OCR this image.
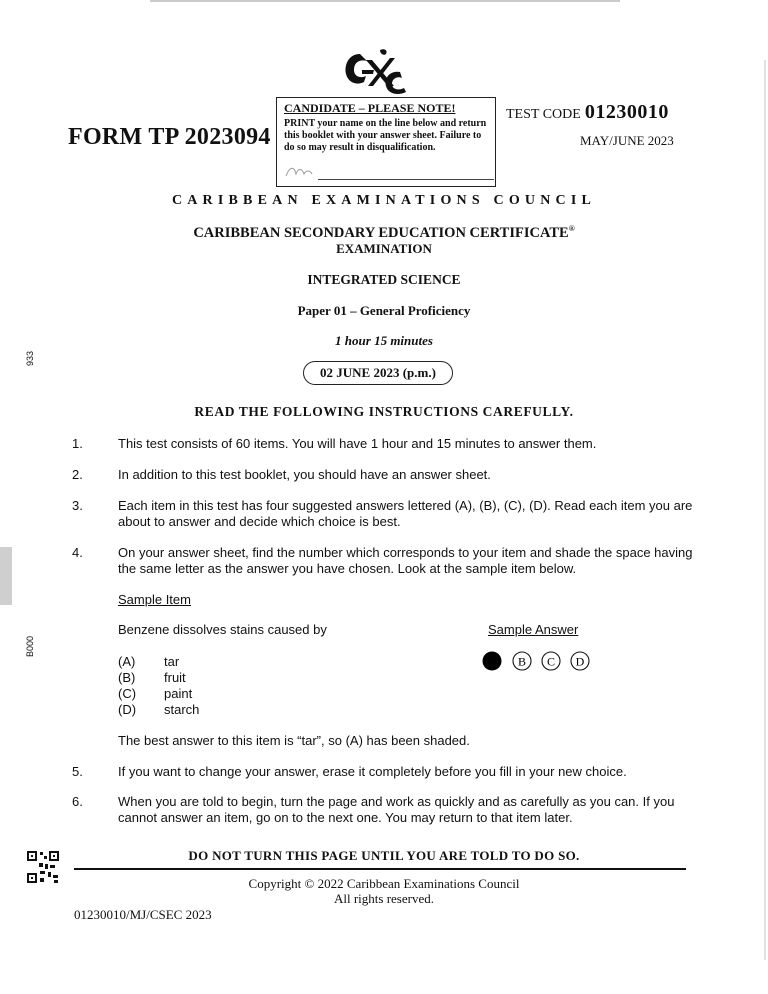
FORM TP 2023094
CANDIDATE – PLEASE NOTE!
PRINT your name on the line below and return this booklet with your answer sheet. Failure to do so may result in disqualification.
TEST CODE 01230010
MAY/JUNE 2023
CARIBBEAN EXAMINATIONS COUNCIL
CARIBBEAN SECONDARY EDUCATION CERTIFICATE®
EXAMINATION
INTEGRATED SCIENCE
Paper 01 – General Proficiency
1 hour 15 minutes
02 JUNE 2023 (p.m.)
READ THE FOLLOWING INSTRUCTIONS CAREFULLY.
1.	This test consists of 60 items. You will have 1 hour and 15 minutes to answer them.
2.	In addition to this test booklet, you should have an answer sheet.
3.	Each item in this test has four suggested answers lettered (A), (B), (C), (D). Read each item you are about to answer and decide which choice is best.
4.	On your answer sheet, find the number which corresponds to your item and shade the space having the same letter as the answer you have chosen. Look at the sample item below.
Sample Item
Benzene dissolves stains caused by	Sample Answer
(A) tar
(B) fruit
(C) paint
(D) starch
B C D
The best answer to this item is “tar”, so (A) has been shaded.
5.	If you want to change your answer, erase it completely before you fill in your new choice.
6.	When you are told to begin, turn the page and work as quickly and as carefully as you can. If you cannot answer an item, go on to the next one. You may return to that item later.
DO NOT TURN THIS PAGE UNTIL YOU ARE TOLD TO DO SO.
Copyright © 2022 Caribbean Examinations Council
All rights reserved.
01230010/MJ/CSEC 2023
933
B000
